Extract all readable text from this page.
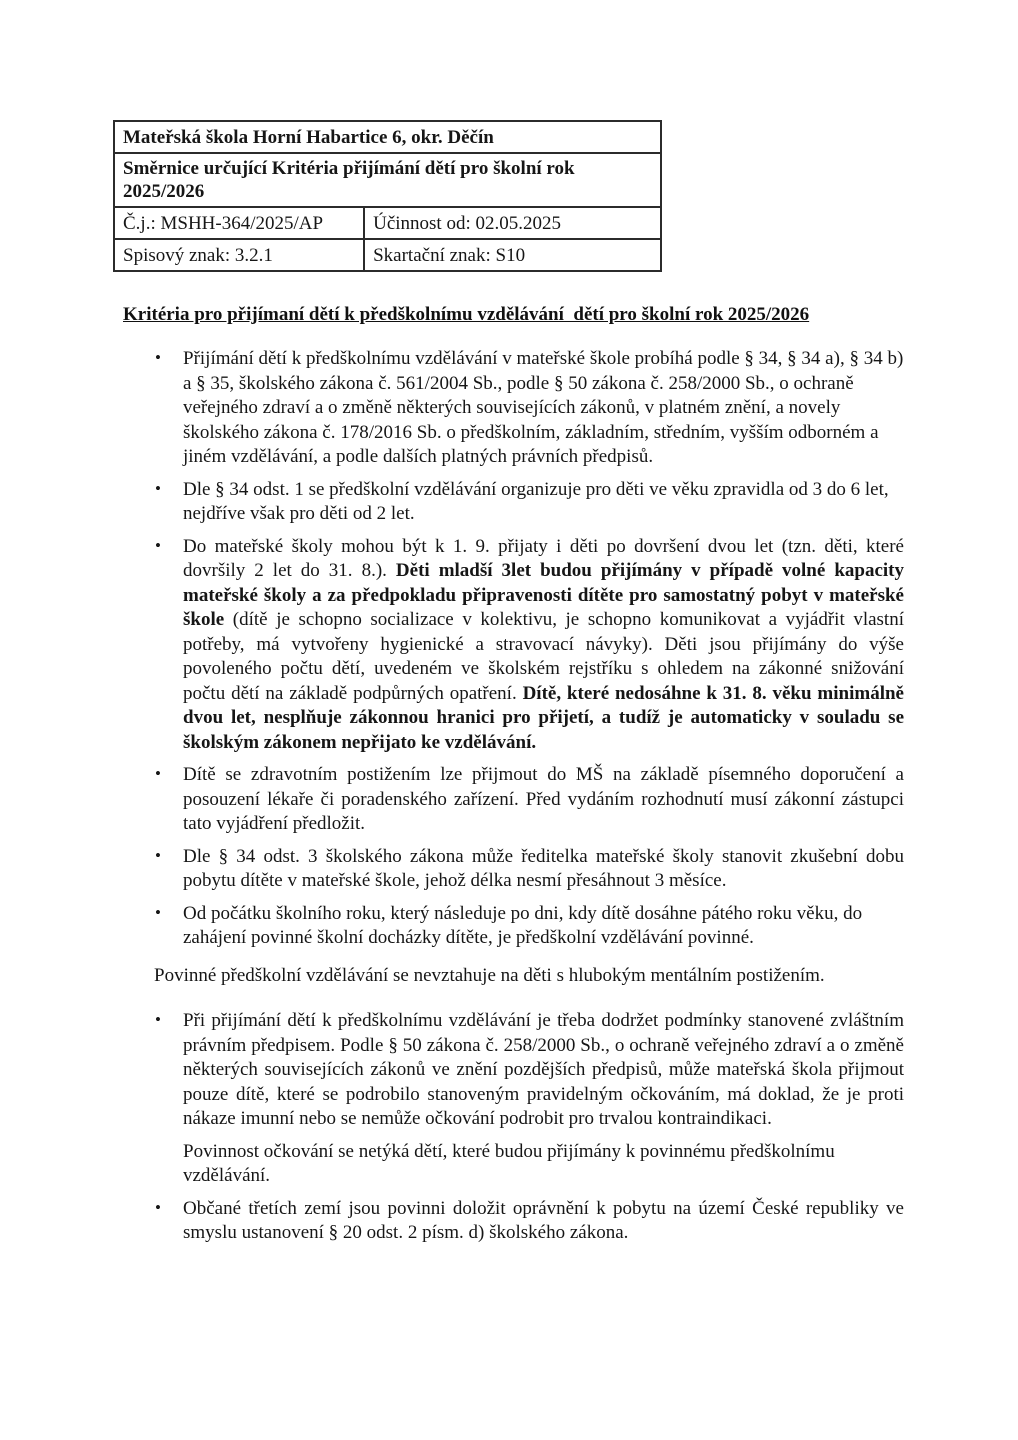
Mateřská škola Horní Habartice 6, okr. Děčín	
Směrnice určující Kritéria přijímání dětí pro školní rok 2025/2026	
Č.j.: MSHH-364/2025/AP	Účinnost od: 02.05.2025
Spisový znak: 3.2.1	Skartační znak: S10
Kritéria pro přijímaní dětí k předškolnímu vzdělávání  dětí pro školní rok 2025/2026
• Přijímání dětí k předškolnímu vzdělávání v mateřské škole probíhá podle § 34, § 34 a), § 34 b) a § 35, školského zákona č. 561/2004 Sb., podle § 50 zákona č. 258/2000 Sb., o ochraně veřejného zdraví a o změně některých souvisejících zákonů, v platném znění, a novely školského zákona č. 178/2016 Sb. o předškolním, základním, středním, vyšším odborném a jiném vzdělávání, a podle dalších platných právních předpisů.
• Dle § 34 odst. 1 se předškolní vzdělávání organizuje pro děti ve věku zpravidla od 3 do 6 let, nejdříve však pro děti od 2 let.
• Do mateřské školy mohou být k 1. 9. přijaty i děti po dovršení dvou let (tzn. děti, které dovršily 2 let do 31. 8.). Děti mladší 3let budou přijímány v případě volné kapacity mateřské školy a za předpokladu připravenosti dítěte pro samostatný pobyt v mateřské škole (dítě je schopno socializace v kolektivu, je schopno komunikovat a vyjádřit vlastní potřeby, má vytvořeny hygienické a stravovací návyky). Děti jsou přijímány do výše povoleného počtu dětí, uvedeném ve školském rejstříku s ohledem na zákonné snižování počtu dětí na základě podpůrných opatření. Dítě, které nedosáhne k 31. 8. věku minimálně dvou let, nesplňuje zákonnou hranici pro přijetí, a tudíž je automaticky v souladu se školským zákonem nepřijato ke vzdělávání.
• Dítě se zdravotním postižením lze přijmout do MŠ na základě písemného doporučení a posouzení lékaře či poradenského zařízení. Před vydáním rozhodnutí musí zákonní zástupci tato vyjádření předložit.
• Dle § 34 odst. 3 školského zákona může ředitelka mateřské školy stanovit zkušební dobu pobytu dítěte v mateřské škole, jehož délka nesmí přesáhnout 3 měsíce.
• Od počátku školního roku, který následuje po dni, kdy dítě dosáhne pátého roku věku, do zahájení povinné školní docházky dítěte, je předškolní vzdělávání povinné.
Povinné předškolní vzdělávání se nevztahuje na děti s hlubokým mentálním postižením.
• Při přijímání dětí k předškolnímu vzdělávání je třeba dodržet podmínky stanovené zvláštním právním předpisem. Podle § 50 zákona č. 258/2000 Sb., o ochraně veřejného zdraví a o změně některých souvisejících zákonů ve znění pozdějších předpisů, může mateřská škola přijmout pouze dítě, které se podrobilo stanoveným pravidelným očkováním, má doklad, že je proti nákaze imunní nebo se nemůže očkování podrobit pro trvalou kontraindikaci.
Povinnost očkování se netýká dětí, které budou přijímány k povinnému předškolnímu vzdělávání.
• Občané třetích zemí jsou povinni doložit oprávnění k pobytu na území České republiky ve smyslu ustanovení § 20 odst. 2 písm. d) školského zákona.
